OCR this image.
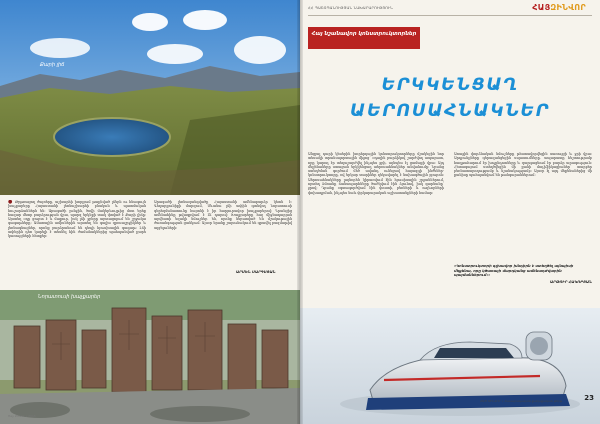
Քարի լիճ

● Թրթռացող ժայռերը, աշխարհի խորքում թաքնված լճերն ու հնագույն խաչքարերը Հայաստանի լեռնաշխարհի բնական և պատմական հուշարձաններն են։ Արագածի լանջին, ծովի մակերևույթից մոտ երեք հազար մետր բարձրության վրա, պարզ երկնքի տակ փռված է Քարի լիճը։ Այստեղ օդը ցուրտ է և մաքուր, իսկ լճի ջրերը արտացոլում են շրջակա գագաթները։ Ամառային ամիսներին այստեղ են գալիս զբոսաշրջիկներ և լեռնագնացներ, որոնք բարձրանում են դեպի հյուսիսային գագաթ։ Լճի ափերին դեռ կարելի է տեսնել հին ժամանակներից պահպանված քարե կառույցների հետքեր։

Արագածի լեռնազանգվածը Հայաստանի ամենաբարձր կետն է։ Գեղարքունիքի մարզում, Սևանա լճի ափին գտնվող Նորատուսի գերեզմանատունը հայտնի է իր հարյուրավոր խաչքարերով։ Դրանցից ամենահինը թվագրվում է IX դարով։ Խաչքարերը հայ միջնադարյան արվեստի եզակի նմուշներ են, որոնք ներառված են մշակութային ժառանգության ցանկում։ Այսօր նրանք շարունակում են գրավել բազմաթիվ այցելուների։

ԱՐՄԵՆ ՍԱՐԳՍՅԱՆ
Նորատուսի խաչքարեր
Hay Zinvor • 2015
ՀՀ ՊԱՇՏՊԱՆՈՒԹՅԱՆ ՆԱԽԱՐԱՐՈՒԹՅՈՒՆ	ՀԱՅԶԻՆՎՈՐ
Հայ նշանավոր կոնստրուկտորներ
ԵՐԿԿԵՆՑԱՂ
ԱԵՐՈՍԱՀՆԱԿՆԵՐ

Անցյալ դարի կեսերին խորհրդային կոնստրուկտորները մշակեցին նոր տեսակի տրանսպորտային միջոց՝ օդային բարձիկով շարժվող ապարատ, որը կարող էր տեղաշարժվել ինչպես ջրի, այնպես էլ ցամաքի վրա։ Այդ մեքենաները ստացան երկկենցաղ աերոսահնակներ անվանումը։ Նրանց ստեղծման գործում մեծ ավանդ ունեցավ հայազգի ինժեներ-կոնստրուկտորը, ով երկար տարիներ ղեկավարել է նախագծային բյուրոն։ Աերոսահնակները լայնորեն կիրառվում էին հյուսիսային շրջաններում, որտեղ ձմռանը ճանապարհները ծածկվում էին ձյունով, իսկ գարնանը՝ ջրով։ Դրանք օգտագործվում էին փոստի, բեռների և ուղևորների փոխադրման, ինչպես նաև փրկարարական աշխատանքների համար։

Առաջին փորձնական նմուշները թեստավորվեցին սառույցի և ջրի վրա։ Արդյունքները գերազանցեցին սպասումները. ապարատը հեշտությամբ հաղթահարում էր խոչընդոտները և զարգացնում էր բարձր արագություն։ Հետագայում ստեղծվեցին մի քանի մոդիֆիկացիաներ՝ տարբեր բեռնատարողությամբ և նշանակությամբ։ Այսօր էլ այդ մեքենաներից մի քանիսը պահպանվում են թանգարաններում։

«Կոնստրուկտորի գլխավոր խնդիրն է ստեղծել այնպիսի մեքենա, որը կծառայի մարդկանց ամենադժվարին պայմաններում»։
ԱՐԹՈՒՐ ՀԱԿՈԲՅԱՆ
ՀԱՅ ԶԻՆՎՈՐ • Հասարակական-քաղաքական թերթ	23
